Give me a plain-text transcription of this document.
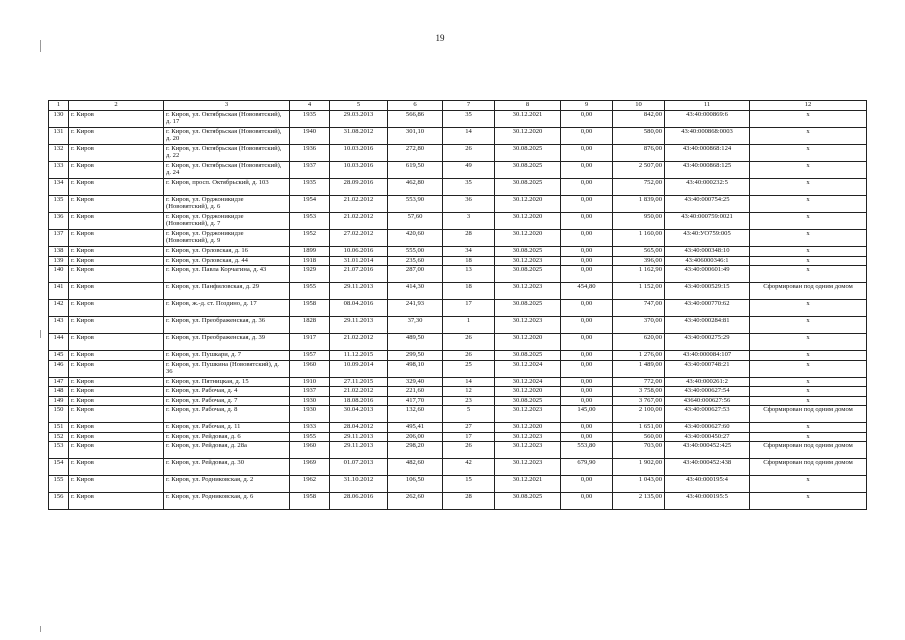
19
1	2	3	4	5	6	7	8	9	10	11	12
130	г. Киров	г. Киров, ул. Октябрьская (Нововятский), д. 17	1935	29.03.2013	566,86	35	30.12.2021	0,00	842,00	43:40:000869:6	х
131	г. Киров	г. Киров, ул. Октябрьская (Нововятский), д. 20	1940	31.08.2012	301,10	14	30.12.2020	0,00	580,00	43:40:000868:0003	х
132	г. Киров	г. Киров, ул. Октябрьская (Нововятский), д. 22	1936	10.03.2016	272,80	26	30.08.2025	0,00	876,00	43:40:000868:124	х
133	г. Киров	г. Киров, ул. Октябрьская (Нововятский), д. 24	1937	10.03.2016	619,50	49	30.08.2025	0,00	2 507,00	43:40:000868:125	х
134	г. Киров	г. Киров, просп. Октябрьский, д. 103	1935	28.09.2016	462,80	35	30.08.2025	0,00	752,00	43:40:000232:5	х
135	г. Киров	г. Киров, ул. Орджоникидзе (Нововятский), д. 6	1954	21.02.2012	553,90	36	30.12.2020	0,00	1 839,00	43:40:000754:25	х
136	г. Киров	г. Киров, ул. Орджоникидзе (Нововятский), д. 7	1953	21.02.2012	57,60	3	30.12.2020	0,00	950,00	43:40:000759:0021	х
137	г. Киров	г. Киров, ул. Орджоникидзе (Нововятский), д. 9	1952	27.02.2012	420,60	28	30.12.2020	0,00	1 160,00	43:40:УО759:005	х
138	г. Киров	г. Киров, ул. Орловская, д. 16	1899	10.06.2016	555,00	34	30.08.2025	0,00	565,00	43:40:000348:10	х
139	г. Киров	г. Киров, ул. Орловская, д. 44	1918	31.01.2014	235,60	18	30.12.2023	0,00	396,00	43:406000346:1	х
140	г. Киров	г. Киров, ул. Павла Корчагина, д. 43	1929	21.07.2016	287,00	13	30.08.2025	0,00	1 162,90	43:40:000601:49	х
141	г. Киров	г. Киров, ул. Панфиловская, д. 29	1955	29.11.2013	414,30	18	30.12.2023	454,80	1 152,00	43:40:000529:15	Сформирован под одним домом
142	г. Киров	г. Киров, ж.-д. ст. Поздино, д. 17	1958	08.04.2016	241,93	17	30.08.2025	0,00	747,00	43:40:000770:62	х
143	г. Киров	г. Киров, ул. Преображенская, д. 36	1828	29.11.2013	37,30	1	30.12.2023	0,00	370,00	43:40:000284:81	х
144	г. Киров	г. Киров, ул. Преображенская, д. 39	1917	21.02.2012	489,50	26	30.12.2020	0,00	620,00	43:40:000275:29	х
145	г. Киров	г. Киров, ул. Пушкари, д. 7	1957	11.12.2015	299,50	26	30.08.2025	0,00	1 276,00	43:40:000084:107	х
146	г. Киров	г. Киров, ул. Пушкина (Нововятский), д. 36	1960	10.09.2014	498,10	25	30.12.2024	0,00	1 489,00	43:40:000748:21	х
147	г. Киров	г. Киров, ул. Пятницкая, д. 15	1910	27.11.2015	329,40	14	30.12.2024	0,00	772,00	43:40:000261:2	х
148	г. Киров	г. Киров, ул. Рабочая, д. 4	1937	21.02.2012	221,60	12	30.12.2020	0,00	3 758,00	43:40:000627:54	х
149	г. Киров	г. Киров, ул. Рабочая, д. 7	1930	18.08.2016	417,70	23	30.08.2025	0,00	3 767,00	43640:000627:56	х
150	г. Киров	г. Киров, ул. Рабочая, д. 8	1930	30.04.2013	132,60	5	30.12.2023	145,00	2 100,00	43:40:000627:53	Сформирован под одним домом
151	г. Киров	г. Киров, ул. Рабочая, д. 11	1933	28.04.2012	495,41	27	30.12.2020	0,00	1 651,00	43:40:000627:60	х
152	г. Киров	г. Киров, ул. Рейдовая, д. 6	1955	29.11.2013	206,00	17	30.12.2023	0,00	560,00	43:40:000450:27	х
153	г. Киров	г. Киров, ул. Рейдовая, д. 28а	1960	29.11.2013	298,20	26	30.12.2023	553,80	703,00	43:40:000452:425	Сформирован под одним домом
154	г. Киров	г. Киров, ул. Рейдовая, д. 30	1969	01.07.2013	482,60	42	30.12.2023	679,90	1 902,00	43:40:000452:438	Сформирован под одним домом
155	г. Киров	г. Киров, ул. Родниковская, д. 2	1962	31.10.2012	106,50	15	30.12.2021	0,00	1 043,00	43:40:000195:4	х
156	г. Киров	г. Киров, ул. Родниковская, д. 6	1958	28.06.2016	262,60	28	30.08.2025	0,00	2 135,00	43:40:000195:5	х
